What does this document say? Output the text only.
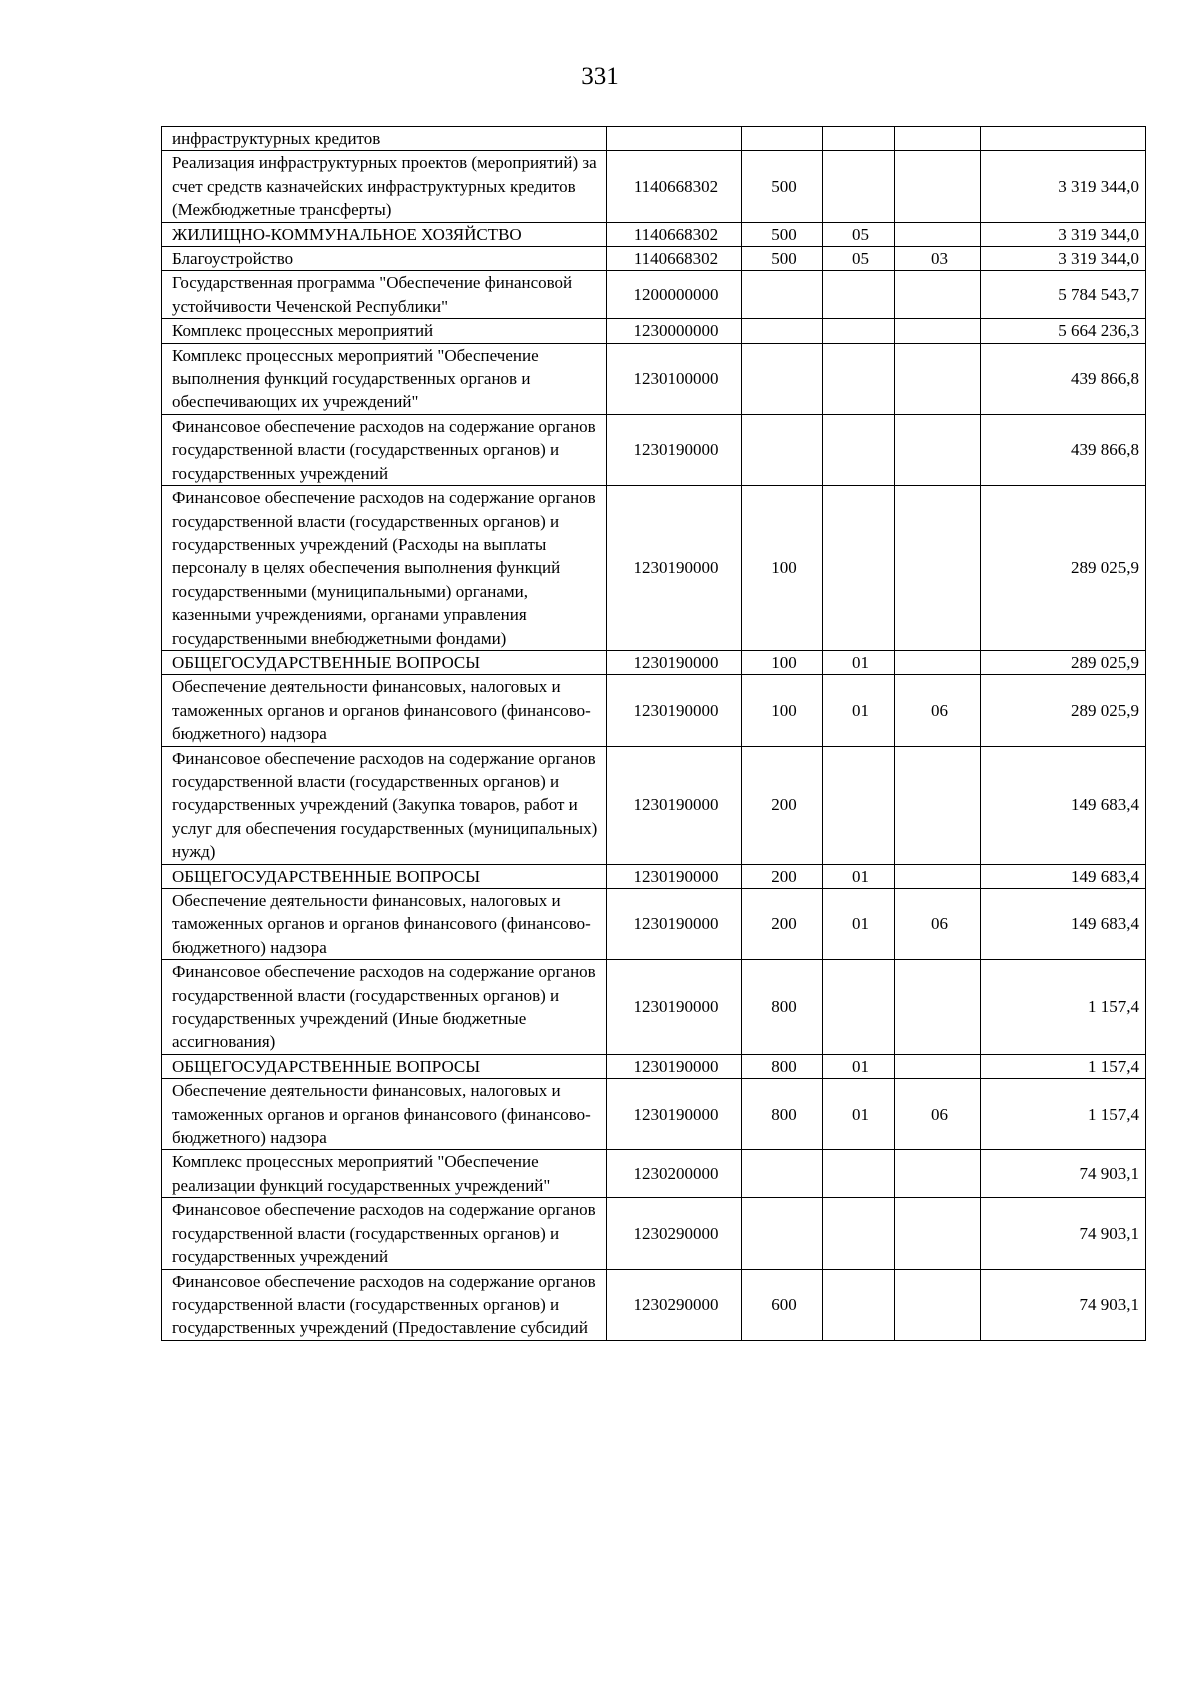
331
инфраструктурных кредитов					
Реализация инфраструктурных проектов (мероприятий) за счет средств казначейских инфраструктурных кредитов (Межбюджетные трансферты)	1140668302	500			3 319 344,0
ЖИЛИЩНО-КОММУНАЛЬНОЕ ХОЗЯЙСТВО	1140668302	500	05		3 319 344,0
Благоустройство	1140668302	500	05	03	3 319 344,0
Государственная программа "Обеспечение финансовой устойчивости Чеченской Республики"	1200000000				5 784 543,7
Комплекс процессных мероприятий	1230000000				5 664 236,3
Комплекс процессных мероприятий "Обеспечение выполнения функций государственных органов и обеспечивающих их учреждений"	1230100000				439 866,8
Финансовое обеспечение расходов на содержание органов государственной власти (государственных органов) и государственных учреждений	1230190000				439 866,8
Финансовое обеспечение расходов на содержание органов государственной власти (государственных органов) и государственных учреждений (Расходы на выплаты персоналу в целях обеспечения выполнения функций государственными (муниципальными) органами, казенными учреждениями, органами управления государственными внебюджетными фондами)	1230190000	100			289 025,9
ОБЩЕГОСУДАРСТВЕННЫЕ ВОПРОСЫ	1230190000	100	01		289 025,9
Обеспечение деятельности финансовых, налоговых и таможенных органов и органов финансового (финансово-бюджетного) надзора	1230190000	100	01	06	289 025,9
Финансовое обеспечение расходов на содержание органов государственной власти (государственных органов) и государственных учреждений (Закупка товаров, работ и услуг для обеспечения государственных (муниципальных) нужд)	1230190000	200			149 683,4
ОБЩЕГОСУДАРСТВЕННЫЕ ВОПРОСЫ	1230190000	200	01		149 683,4
Обеспечение деятельности финансовых, налоговых и таможенных органов и органов финансового (финансово-бюджетного) надзора	1230190000	200	01	06	149 683,4
Финансовое обеспечение расходов на содержание органов государственной власти (государственных органов) и государственных учреждений (Иные бюджетные ассигнования)	1230190000	800			1 157,4
ОБЩЕГОСУДАРСТВЕННЫЕ ВОПРОСЫ	1230190000	800	01		1 157,4
Обеспечение деятельности финансовых, налоговых и таможенных органов и органов финансового (финансово-бюджетного) надзора	1230190000	800	01	06	1 157,4
Комплекс процессных мероприятий "Обеспечение реализации функций государственных учреждений"	1230200000				74 903,1
Финансовое обеспечение расходов на содержание органов государственной власти (государственных органов) и государственных учреждений	1230290000				74 903,1
Финансовое обеспечение расходов на содержание органов государственной власти (государственных органов) и государственных учреждений (Предоставление субсидий	1230290000	600			74 903,1
